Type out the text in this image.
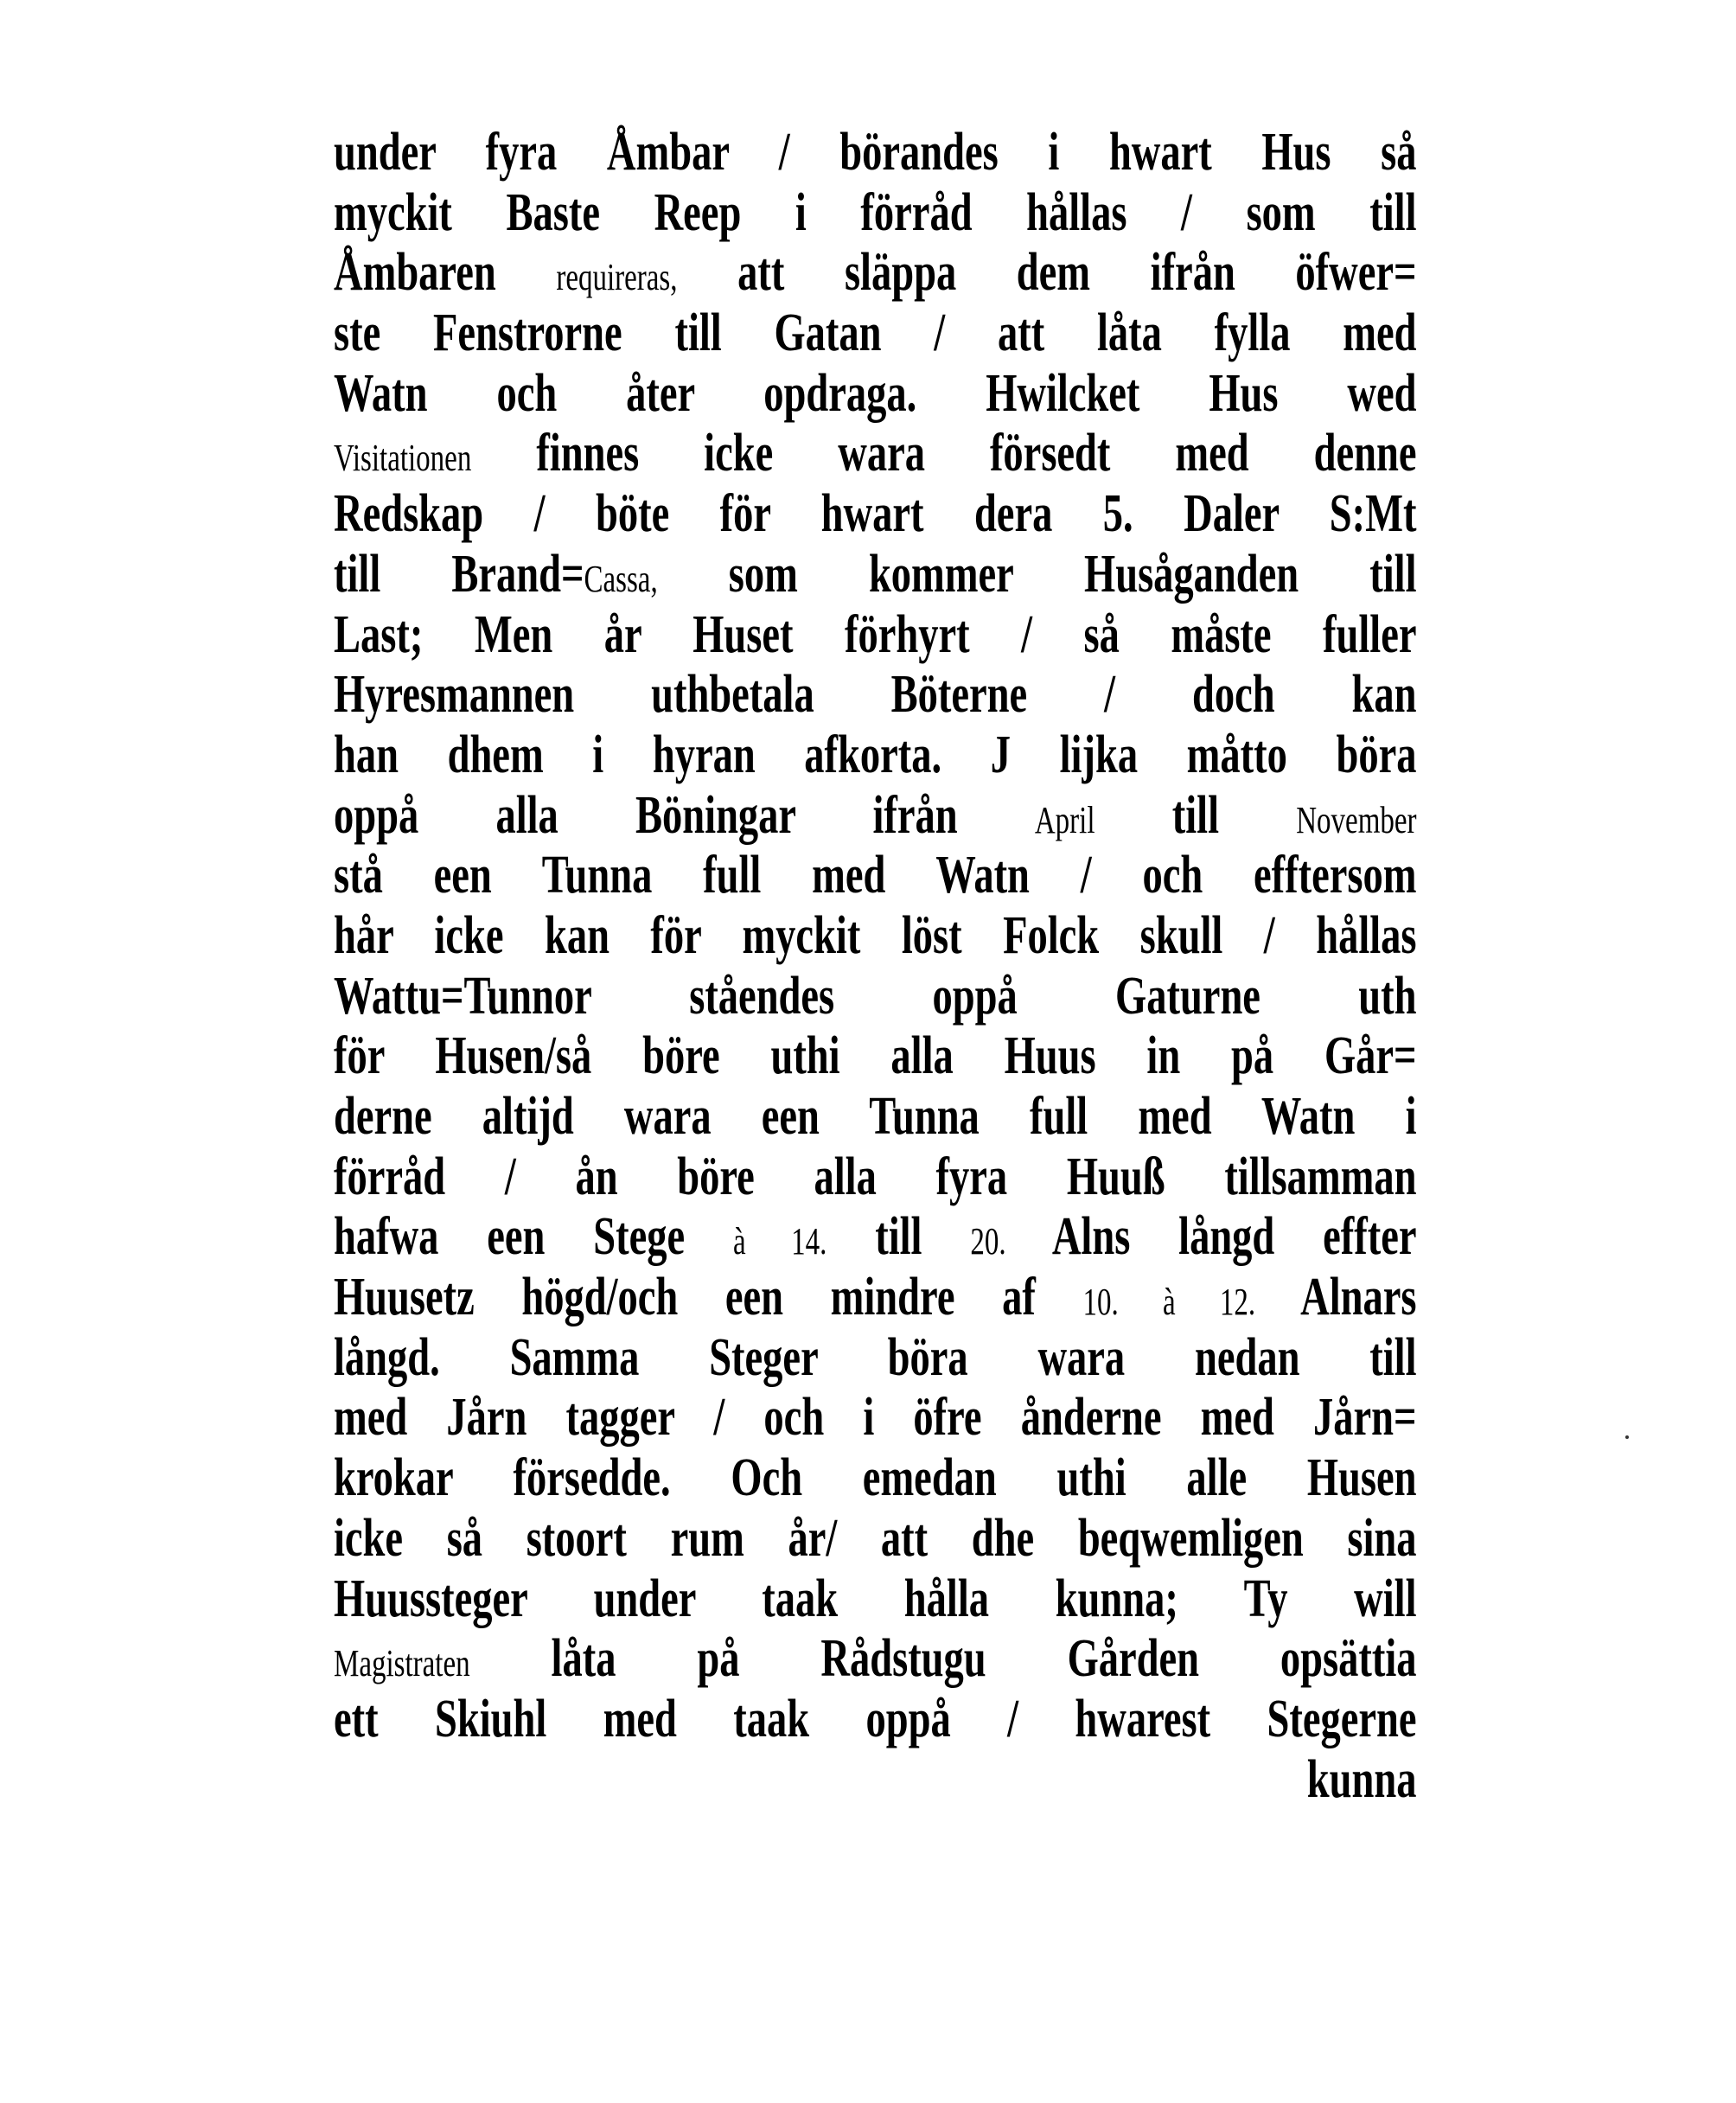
under fyra Åmbar / börandes i hwart Hus så
myckit Baste Reep i förråd hållas / som till
Åmbaren requireras, att släppa dem ifrån öfwer=
ste Fenstrorne till Gatan / att låta fylla med
Watn och åter opdraga. Hwilcket Hus wed
Visitationen finnes icke wara försedt med denne
Redskap / böte för hwart dera 5. Daler S:Mt
till Brand=Cassa, som kommer Husåganden till
Last; Men år Huset förhyrt / så måste fuller
Hyresmannen uthbetala Böterne / doch kan
han dhem i hyran afkorta. J lijka måtto böra
oppå alla Böningar ifrån April till November
stå een Tunna full med Watn / och efftersom
hår icke kan för myckit löst Folck skull / hållas
Wattu=Tunnor ståendes oppå Gaturne uth
för Husen/så böre uthi alla Huus in på Går=
derne altijd wara een Tunna full med Watn i
förråd / ån böre alla fyra Huuß tillsamman
hafwa een Stege à 14. till 20. Alns långd effter
Huusetz högd/och een mindre af 10. à 12. Alnars
långd. Samma Steger böra wara nedan till
med Jårn tagger / och i öfre ånderne med Jårn=
krokar försedde. Och emedan uthi alle Husen
icke så stoort rum år/ att dhe beqwemligen sina
Huussteger under taak hålla kunna; Ty will
Magistraten låta på Rådstugu Gården opsättia
ett Skiuhl med taak oppå / hwarest Stegerne
kunna
